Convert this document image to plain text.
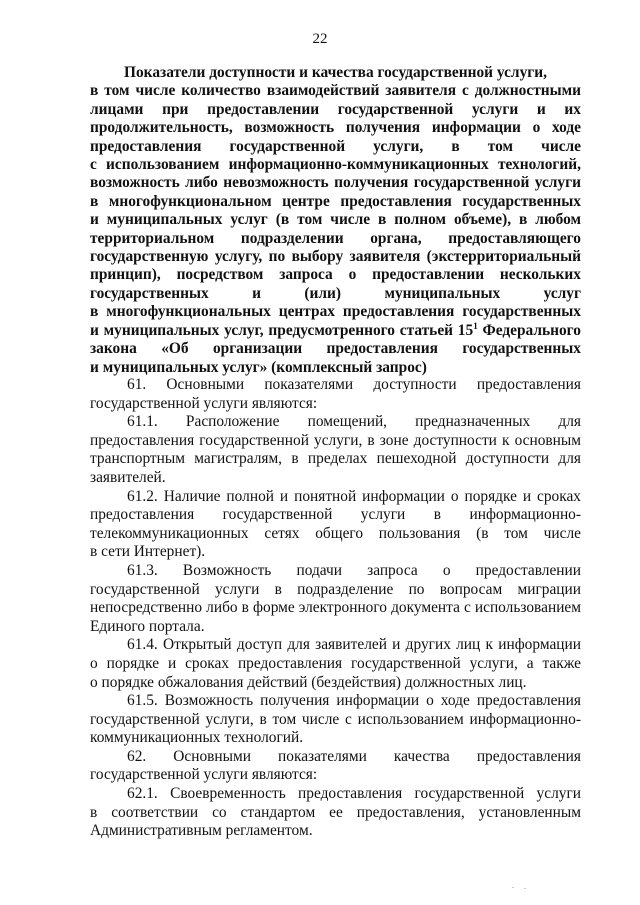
22
Показатели доступности и качества государственной услуги,
в том числе количество взаимодействий заявителя с должностными
лицами при предоставлении государственной услуги и их
продолжительность, возможность получения информации о ходе
предоставления государственной услуги, в том числе
с использованием информационно-коммуникационных технологий,
возможность либо невозможность получения государственной услуги
в многофункциональном центре предоставления государственных
и муниципальных услуг (в том числе в полном объеме), в любом
территориальном подразделении органа, предоставляющего
государственную услугу, по выбору заявителя (экстерриториальный
принцип), посредством запроса о предоставлении нескольких
государственных и (или) муниципальных услуг
в многофункциональных центрах предоставления государственных
и муниципальных услуг, предусмотренного статьей $15^1$ Федерального
закона «Об организации предоставления государственных
и муниципальных услуг» (комплексный запрос)

61. Основными показателями доступности предоставления
государственной услуги являются:

61.1. Расположение помещений, предназначенных для
предоставления государственной услуги, в зоне доступности к основным
транспортным магистралям, в пределах пешеходной доступности для
заявителей.

61.2. Наличие полной и понятной информации о порядке и сроках
предоставления государственной услуги в информационно-
телекоммуникационных сетях общего пользования (в том числе
в сети Интернет).

61.3. Возможность подачи запроса о предоставлении
государственной услуги в подразделение по вопросам миграции
непосредственно либо в форме электронного документа с использованием
Единого портала.

61.4. Открытый доступ для заявителей и других лиц к информации
о порядке и сроках предоставления государственной услуги, а также
о порядке обжалования действий (бездействия) должностных лиц.

61.5. Возможность получения информации о ходе предоставления
государственной услуги, в том числе с использованием информационно-
коммуникационных технологий.

62. Основными показателями качества предоставления
государственной услуги являются:

62.1. Своевременность предоставления государственной услуги
в соответствии со стандартом ее предоставления, установленным
Административным регламентом.
